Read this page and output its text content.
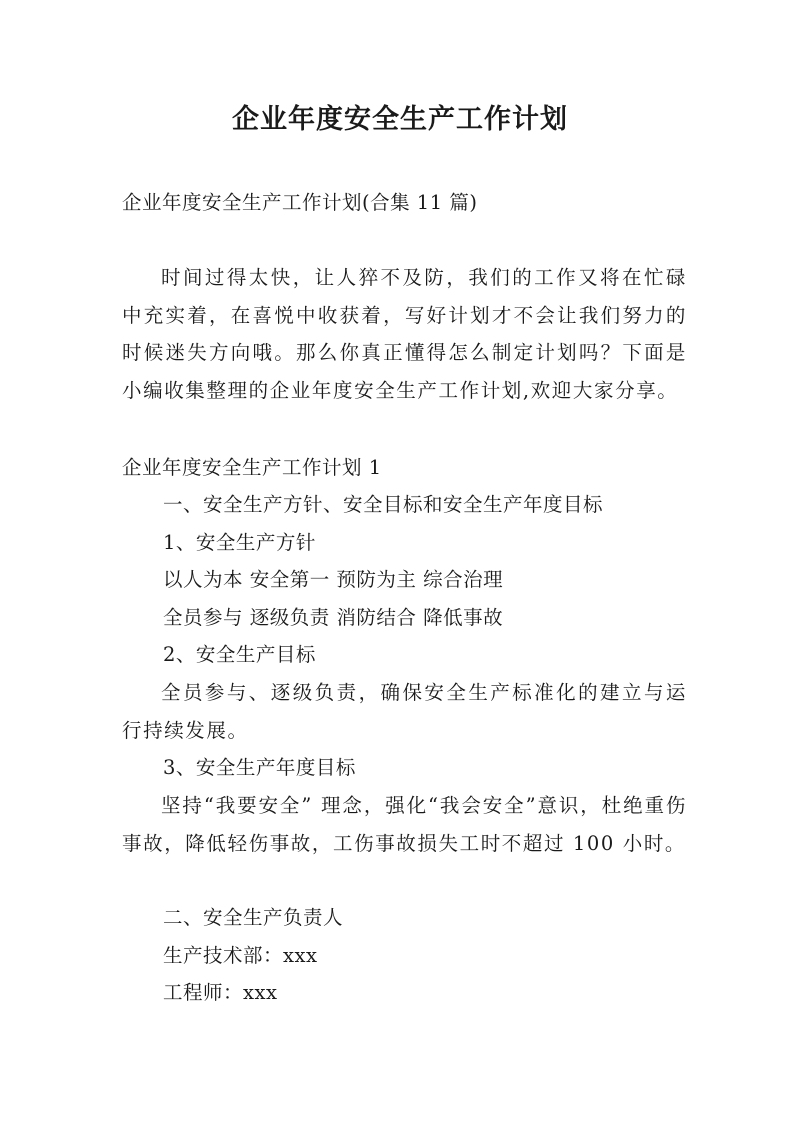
企业年度安全生产工作计划
企业年度安全生产工作计划(合集 11 篇)

时间过得太快，让人猝不及防，我们的工作又将在忙碌中充实着，在喜悦中收获着，写好计划才不会让我们努力的时候迷失方向哦。那么你真正懂得怎么制定计划吗？下面是小编收集整理的企业年度安全生产工作计划,欢迎大家分享。

企业年度安全生产工作计划 1
一、安全生产方针、安全目标和安全生产年度目标
1、安全生产方针
以人为本 安全第一 预防为主 综合治理
全员参与 逐级负责 消防结合 降低事故
2、安全生产目标

全员参与、逐级负责，确保安全生产标准化的建立与运行持续发展。

3、安全生产年度目标

坚持“我要安全” 理念，强化“我会安全”意识，杜绝重伤事故，降低轻伤事故，工伤事故损失工时不超过 100 小时。

二、安全生产负责人
生产技术部：xxx
工程师：xxx
